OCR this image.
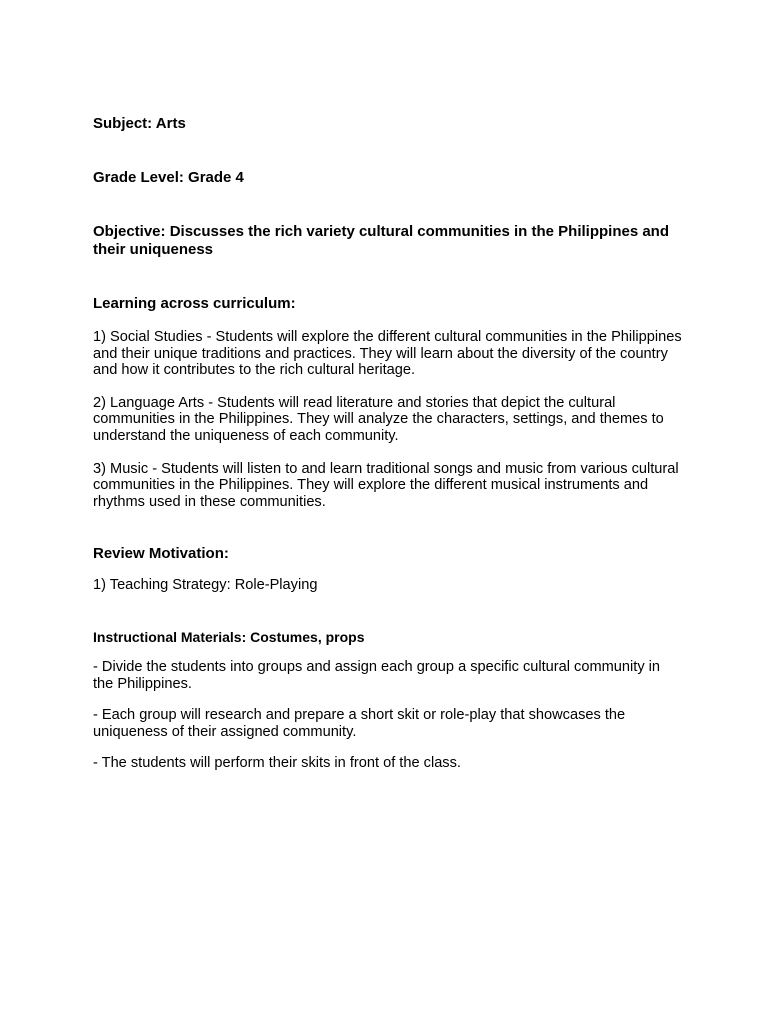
Subject: Arts

Grade Level: Grade 4

Objective: Discusses the rich variety cultural communities in the Philippines and their uniqueness

Learning across curriculum:

1) Social Studies - Students will explore the different cultural communities in the Philippines and their unique traditions and practices. They will learn about the diversity of the country and how it contributes to the rich cultural heritage.

2) Language Arts - Students will read literature and stories that depict the cultural communities in the Philippines. They will analyze the characters, settings, and themes to understand the uniqueness of each community.

3) Music - Students will listen to and learn traditional songs and music from various cultural communities in the Philippines. They will explore the different musical instruments and rhythms used in these communities.

Review Motivation:

1) Teaching Strategy: Role-Playing

Instructional Materials: Costumes, props

- Divide the students into groups and assign each group a specific cultural community in the Philippines.

- Each group will research and prepare a short skit or role-play that showcases the uniqueness of their assigned community.

- The students will perform their skits in front of the class.
